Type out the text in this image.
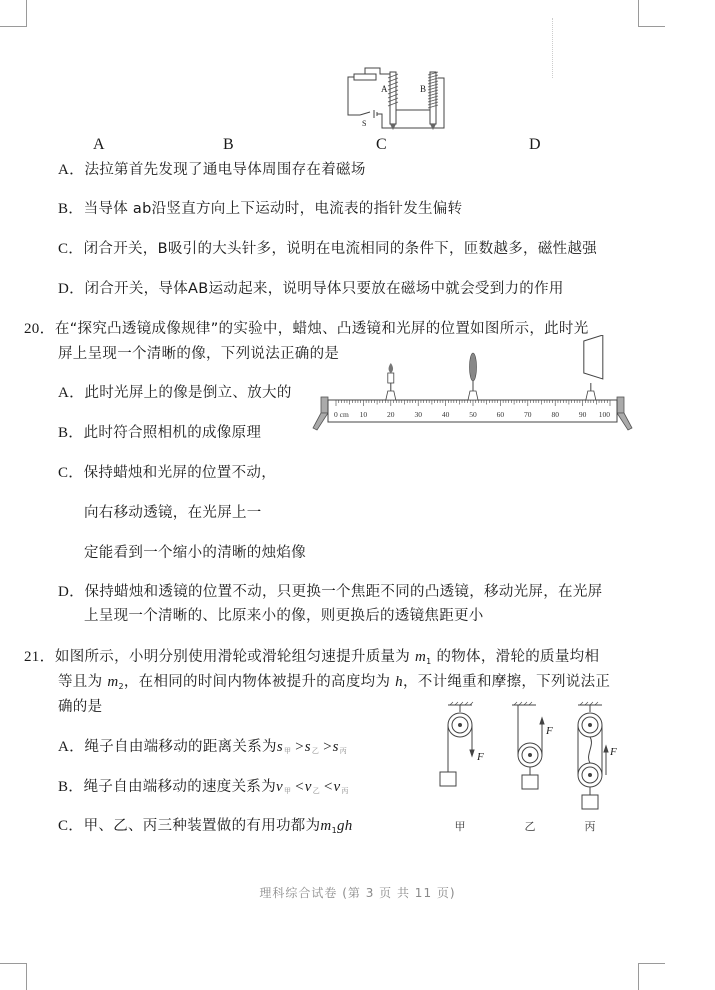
A	B
S
A	B	C	D
A．法拉第首先发现了通电导体周围存在着磁场
B．当导体 ab沿竖直方向上下运动时，电流表的指针发生偏转
C．闭合开关，B吸引的大头针多，说明在电流相同的条件下，匝数越多，磁性越强
D．闭合开关，导体AB运动起来，说明导体只要放在磁场中就会受到力的作用
20．在“探究凸透镜成像规律”的实验中，蜡烛、凸透镜和光屏的位置如图所示，此时光
屏上呈现一个清晰的像，下列说法正确的是
A．此时光屏上的像是倒立、放大的
B．此时符合照相机的成像原理
C．保持蜡烛和光屏的位置不动，
向右移动透镜，在光屏上一
定能看到一个缩小的清晰的烛焰像
D．保持蜡烛和透镜的位置不动，只更换一个焦距不同的凸透镜，移动光屏，在光屏
上呈现一个清晰的、比原来小的像，则更换后的透镜焦距更小
0 cm 10	20	30	40	50	60	70	80	90 100
21．如图所示，小明分别使用滑轮或滑轮组匀速提升质量为 $m_1$ 的物体，滑轮的质量均相
等且为 $m_2$，在相同的时间内物体被提升的高度均为 h，不计绳重和摩擦，下列说法正
确的是
A．绳子自由端移动的距离关系为$s_甲 >s_乙 >s_丙$
B．绳子自由端移动的速度关系为$v_甲 <v_乙 <v_丙$
C．甲、乙、丙三种装置做的有用功都为$m_1gh$
F
F
F
甲	乙	丙
理科综合试卷 (第 3 页 共 11 页)
